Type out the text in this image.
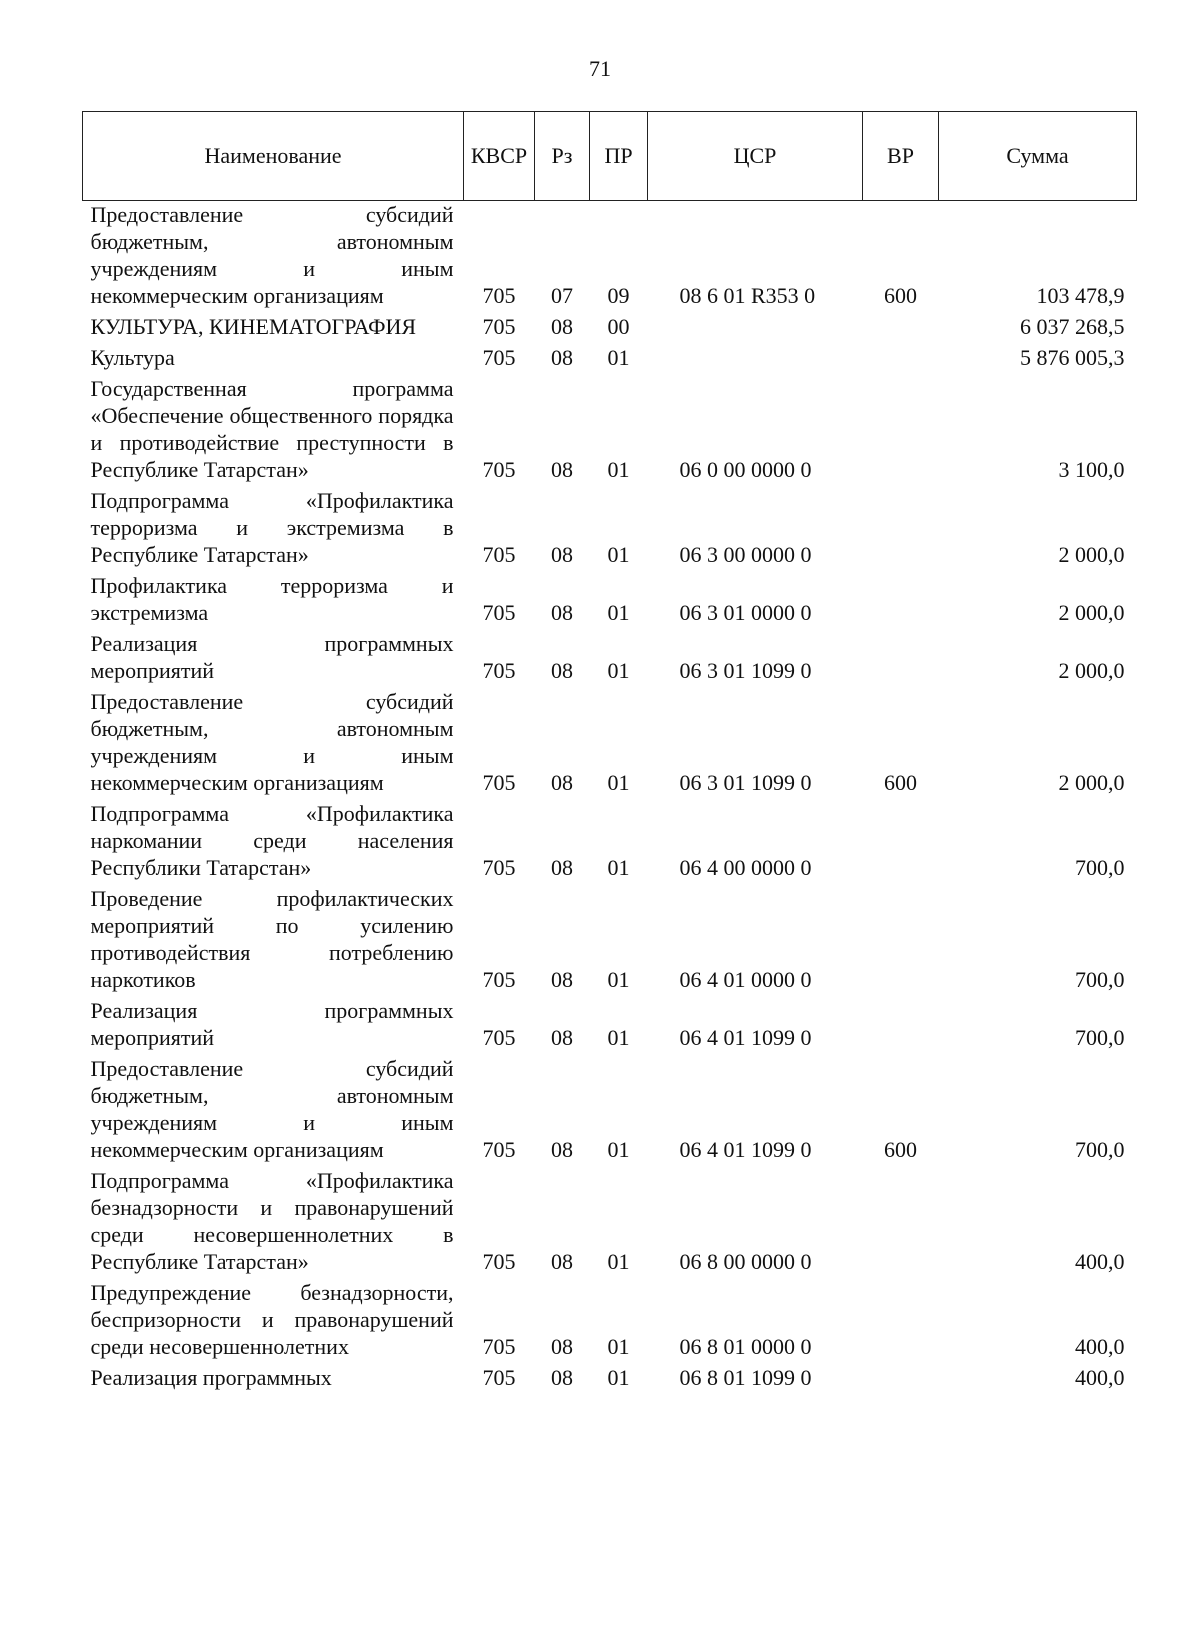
71
Наименование	КВСР	Рз	ПР	ЦСР	ВР	Сумма
Предоставление субсидий бюджетным, автономным учреждениям и иным некоммерческим организациям	705	07	09	08 6 01 R353 0	600	103 478,9
КУЛЬТУРА, КИНЕМАТОГРАФИЯ	705	08	00			6 037 268,5
Культура	705	08	01			5 876 005,3
Государственная программа «Обеспечение общественного порядка и противодействие преступности в Республике Татарстан»	705	08	01	06 0 00 0000 0		3 100,0
Подпрограмма «Профилактика терроризма и экстремизма в Республике Татарстан»	705	08	01	06 3 00 0000 0		2 000,0
Профилактика терроризма и экстремизма	705	08	01	06 3 01 0000 0		2 000,0
Реализация программных мероприятий	705	08	01	06 3 01 1099 0		2 000,0
Предоставление субсидий бюджетным, автономным учреждениям и иным некоммерческим организациям	705	08	01	06 3 01 1099 0	600	2 000,0
Подпрограмма «Профилактика наркомании среди населения Республики Татарстан»	705	08	01	06 4 00 0000 0		700,0
Проведение профилактических мероприятий по усилению противодействия потреблению наркотиков	705	08	01	06 4 01 0000 0		700,0
Реализация программных мероприятий	705	08	01	06 4 01 1099 0		700,0
Предоставление субсидий бюджетным, автономным учреждениям и иным некоммерческим организациям	705	08	01	06 4 01 1099 0	600	700,0
Подпрограмма «Профилактика безнадзорности и правонарушений среди несовершеннолетних в Республике Татарстан»	705	08	01	06 8 00 0000 0		400,0
Предупреждение безнадзорности, беспризорности и правонарушений среди несовершеннолетних	705	08	01	06 8 01 0000 0		400,0
Реализация программных	705	08	01	06 8 01 1099 0		400,0
